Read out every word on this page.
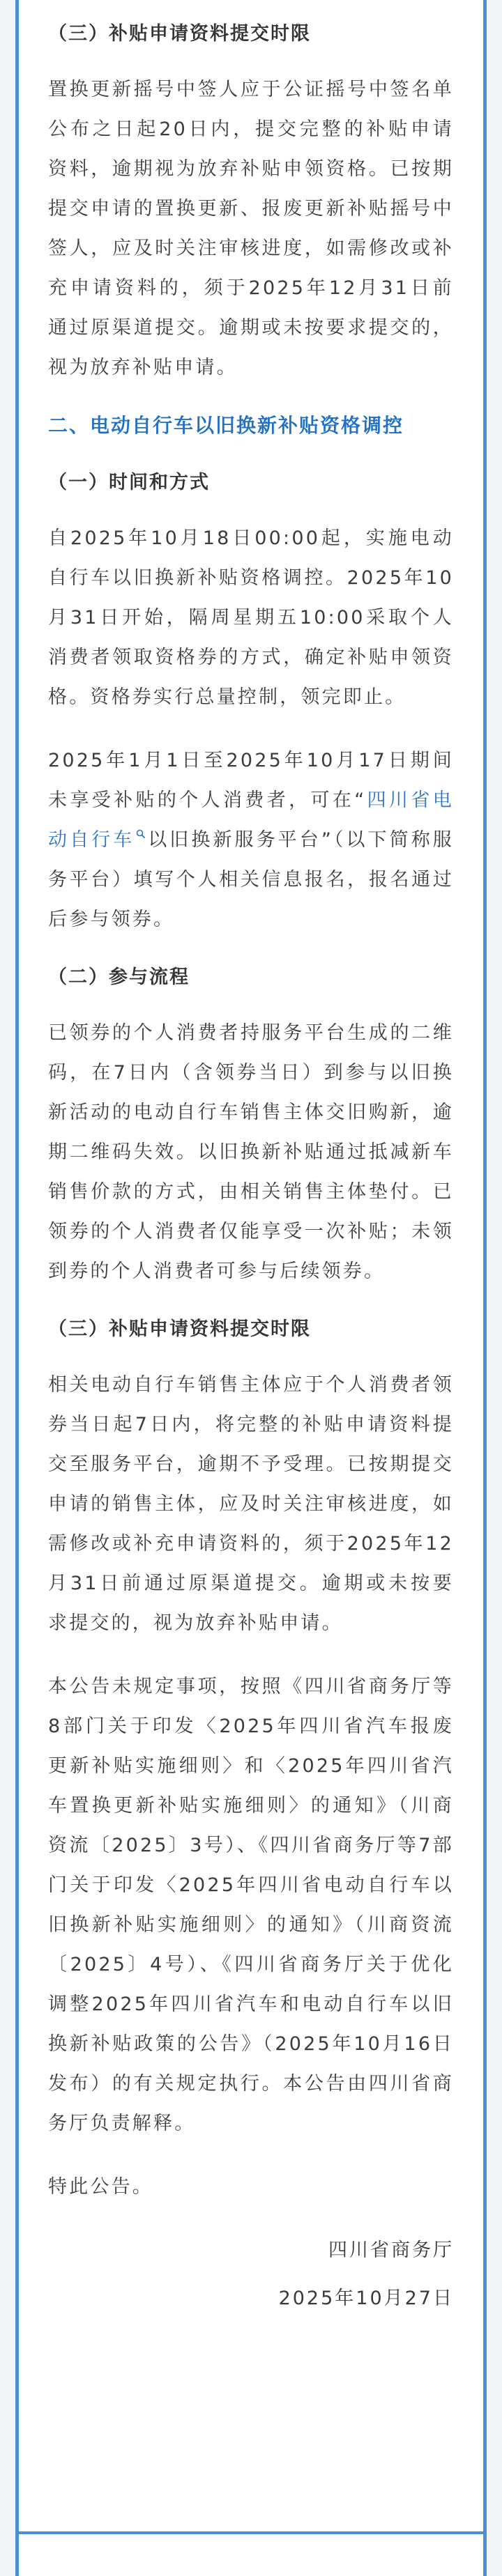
（三）补贴申请资料提交时限

置换更新摇号中签人应于公证摇号中签名单公布之日起20日内，提交完整的补贴申请资料，逾期视为放弃补贴申领资格。已按期提交申请的置换更新、报废更新补贴摇号中签人，应及时关注审核进度，如需修改或补充申请资料的，须于2025年12月31日前通过原渠道提交。逾期或未按要求提交的，视为放弃补贴申请。

二、电动自行车以旧换新补贴资格调控
（一）时间和方式

自2025年10月18日00:00起，实施电动自行车以旧换新补贴资格调控。2025年10月31日开始，隔周星期五10:00采取个人消费者领取资格券的方式，确定补贴申领资格。资格券实行总量控制，领完即止。

2025年1月1日至2025年10月17日期间未享受补贴的个人消费者，可在“四川省电动自行车 以旧换新服务平台”（以下简称服务平台）填写个人相关信息报名，报名通过后参与领券。

（二）参与流程

已领券的个人消费者持服务平台生成的二维码，在7日内（含领券当日）到参与以旧换新活动的电动自行车销售主体交旧购新，逾期二维码失效。以旧换新补贴通过抵减新车销售价款的方式，由相关销售主体垫付。已领券的个人消费者仅能享受一次补贴；未领到券的个人消费者可参与后续领券。

（三）补贴申请资料提交时限

相关电动自行车销售主体应于个人消费者领券当日起7日内，将完整的补贴申请资料提交至服务平台，逾期不予受理。已按期提交申请的销售主体，应及时关注审核进度，如需修改或补充申请资料的，须于2025年12月31日前通过原渠道提交。逾期或未按要求提交的，视为放弃补贴申请。

本公告未规定事项，按照《四川省商务厅等8部门关于印发〈2025年四川省汽车报废更新补贴实施细则〉和〈2025年四川省汽车置换更新补贴实施细则〉的通知》（川商资流〔2025〕3号）、《四川省商务厅等7部门关于印发〈2025年四川省电动自行车以旧换新补贴实施细则〉的通知》（川商资流〔2025〕4号）、《四川省商务厅关于优化调整2025年四川省汽车和电动自行车以旧换新补贴政策的公告》（2025年10月16日发布）的有关规定执行。本公告由四川省商务厅负责解释。

特此公告。

四川省商务厅

2025年10月27日
